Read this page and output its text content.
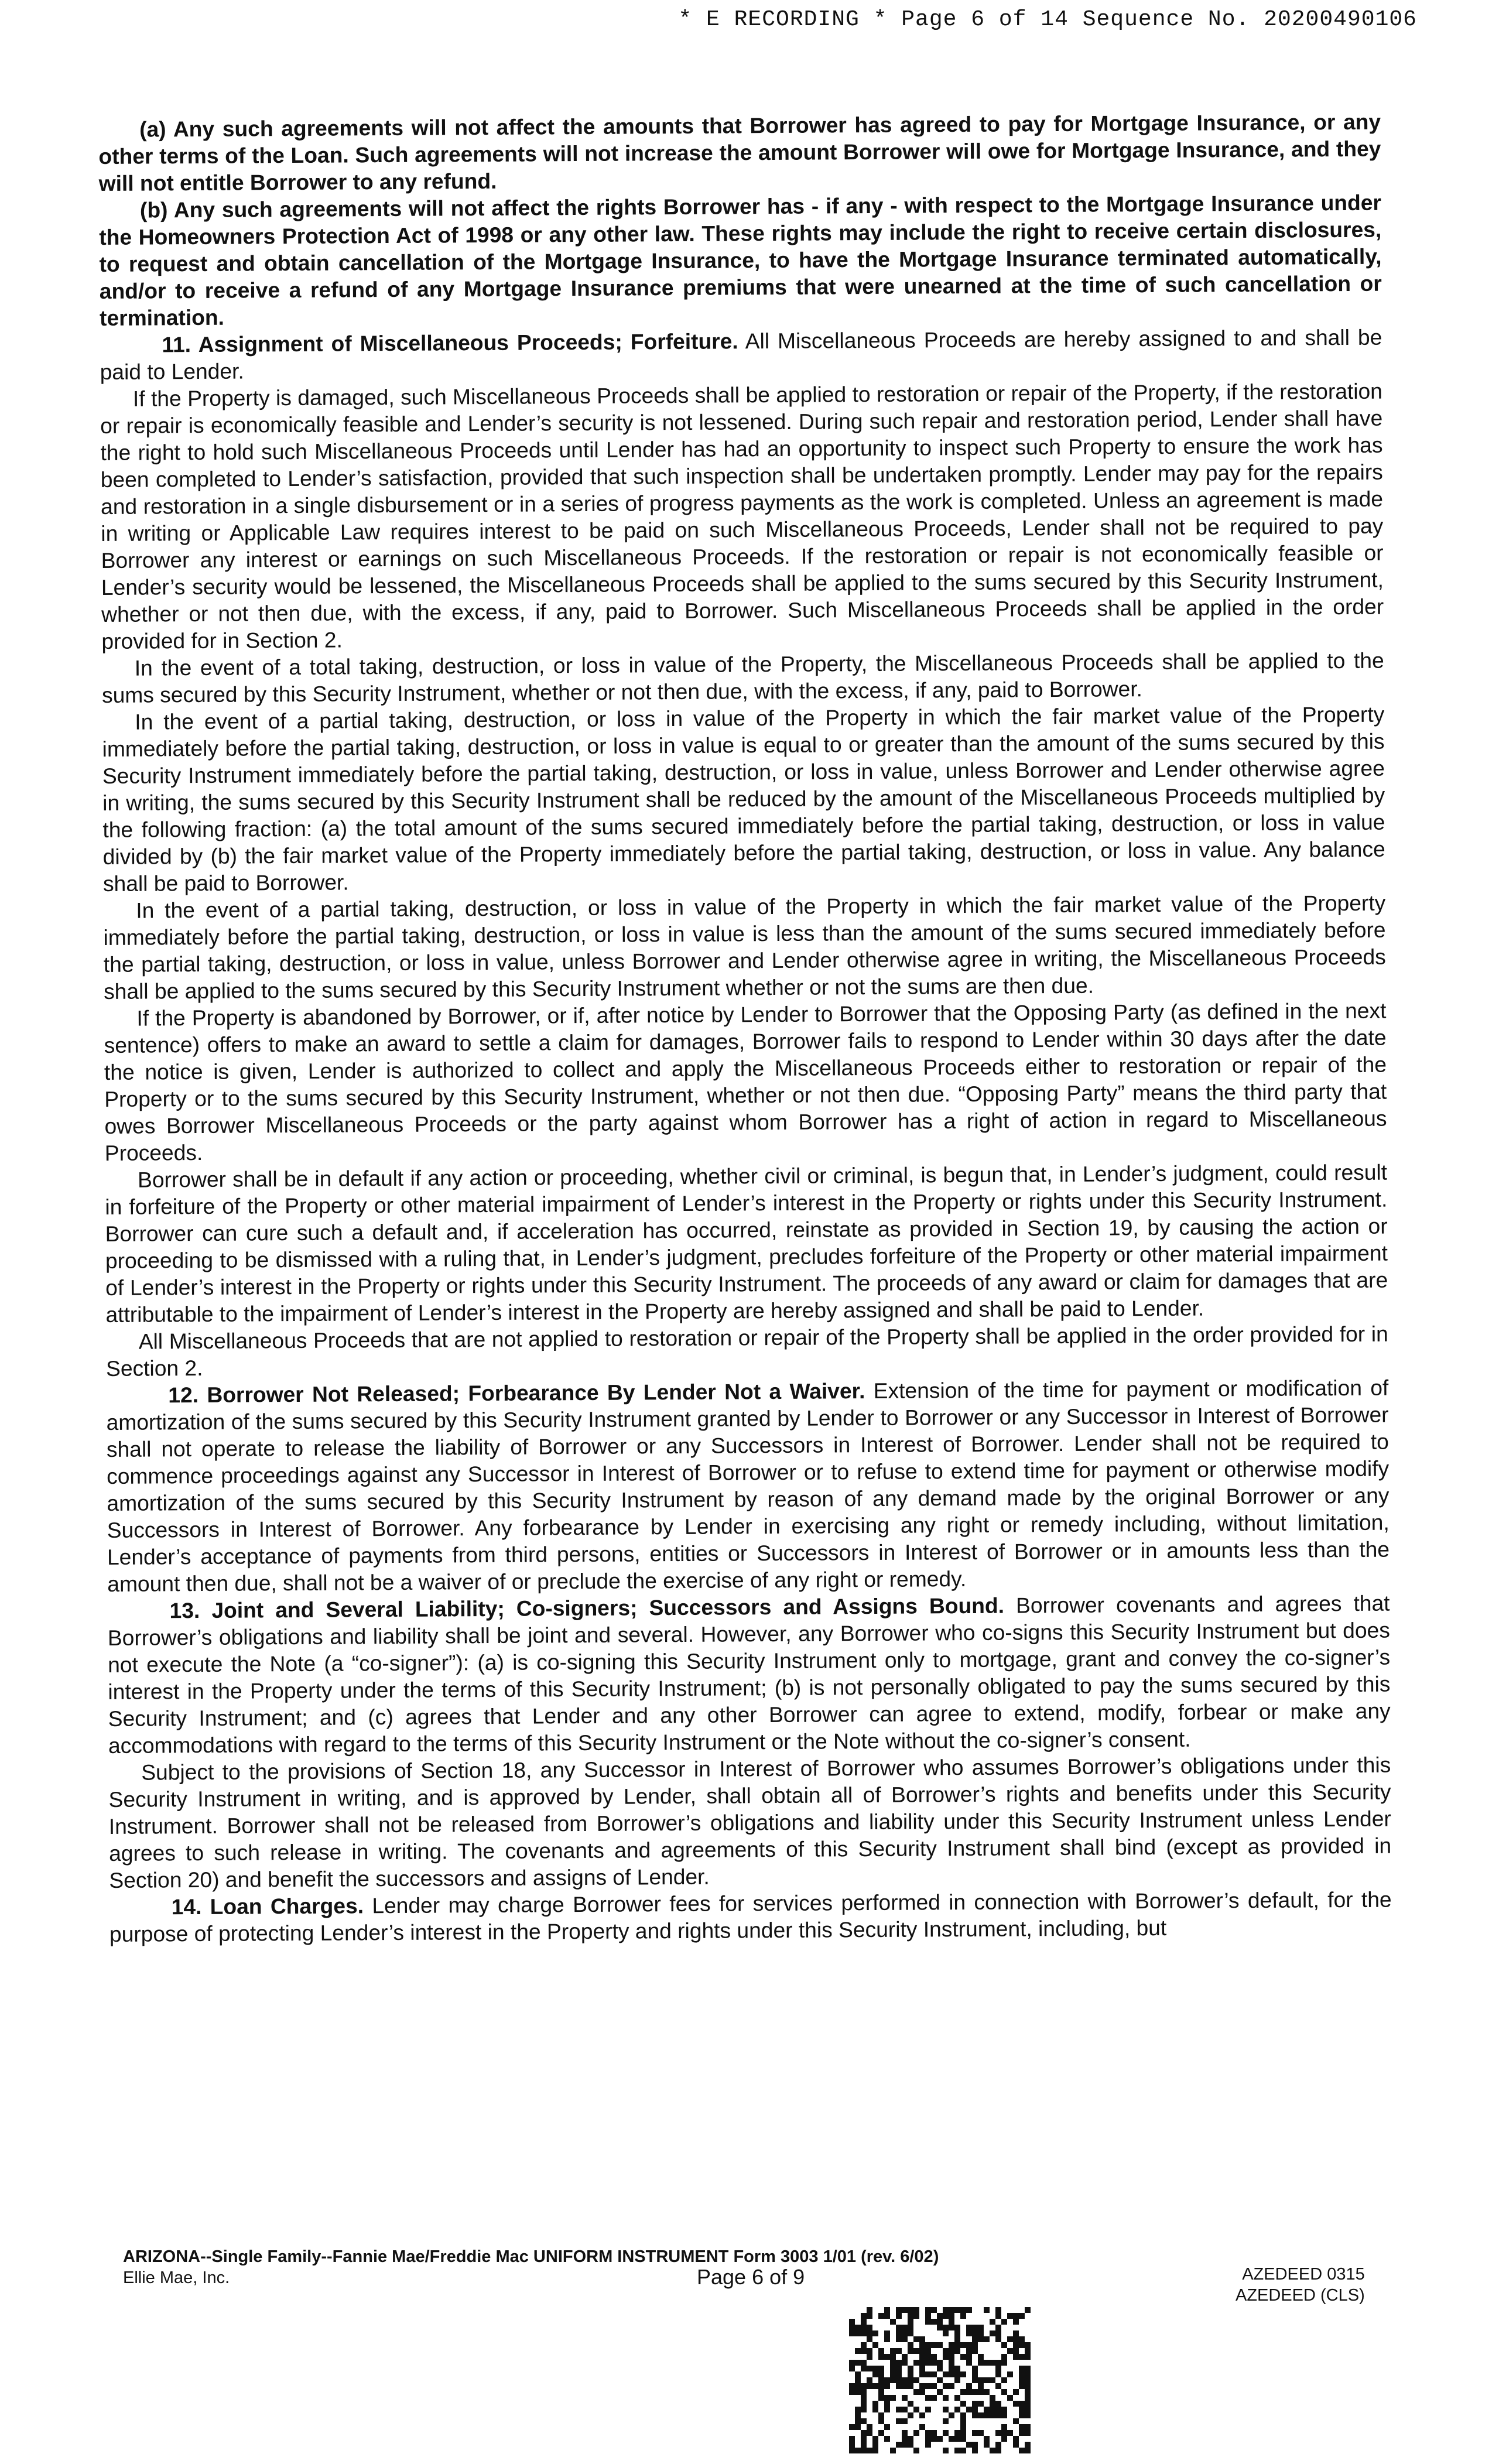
* E RECORDING * Page 6 of 14 Sequence No. 20200490106

(a) Any such agreements will not affect the amounts that Borrower has agreed to pay for Mortgage Insurance, or any other terms of the Loan. Such agreements will not increase the amount Borrower will owe for Mortgage Insurance, and they will not entitle Borrower to any refund.

(b) Any such agreements will not affect the rights Borrower has - if any - with respect to the Mortgage Insurance under the Homeowners Protection Act of 1998 or any other law. These rights may include the right to receive certain disclosures, to request and obtain cancellation of the Mortgage Insurance, to have the Mortgage Insurance terminated automatically, and/or to receive a refund of any Mortgage Insurance premiums that were unearned at the time of such cancellation or termination.

11. Assignment of Miscellaneous Proceeds; Forfeiture. All Miscellaneous Proceeds are hereby assigned to and shall be paid to Lender.

If the Property is damaged, such Miscellaneous Proceeds shall be applied to restoration or repair of the Property, if the restoration or repair is economically feasible and Lender’s security is not lessened. During such repair and restoration period, Lender shall have the right to hold such Miscellaneous Proceeds until Lender has had an opportunity to inspect such Property to ensure the work has been completed to Lender’s satisfaction, provided that such inspection shall be undertaken promptly. Lender may pay for the repairs and restoration in a single disbursement or in a series of progress payments as the work is completed. Unless an agreement is made in writing or Applicable Law requires interest to be paid on such Miscellaneous Proceeds, Lender shall not be required to pay Borrower any interest or earnings on such Miscellaneous Proceeds. If the restoration or repair is not economically feasible or Lender’s security would be lessened, the Miscellaneous Proceeds shall be applied to the sums secured by this Security Instrument, whether or not then due, with the excess, if any, paid to Borrower. Such Miscellaneous Proceeds shall be applied in the order provided for in Section 2.

In the event of a total taking, destruction, or loss in value of the Property, the Miscellaneous Proceeds shall be applied to the sums secured by this Security Instrument, whether or not then due, with the excess, if any, paid to Borrower.

In the event of a partial taking, destruction, or loss in value of the Property in which the fair market value of the Property immediately before the partial taking, destruction, or loss in value is equal to or greater than the amount of the sums secured by this Security Instrument immediately before the partial taking, destruction, or loss in value, unless Borrower and Lender otherwise agree in writing, the sums secured by this Security Instrument shall be reduced by the amount of the Miscellaneous Proceeds multiplied by the following fraction: (a) the total amount of the sums secured immediately before the partial taking, destruction, or loss in value divided by (b) the fair market value of the Property immediately before the partial taking, destruction, or loss in value. Any balance shall be paid to Borrower.

In the event of a partial taking, destruction, or loss in value of the Property in which the fair market value of the Property immediately before the partial taking, destruction, or loss in value is less than the amount of the sums secured immediately before the partial taking, destruction, or loss in value, unless Borrower and Lender otherwise agree in writing, the Miscellaneous Proceeds shall be applied to the sums secured by this Security Instrument whether or not the sums are then due.

If the Property is abandoned by Borrower, or if, after notice by Lender to Borrower that the Opposing Party (as defined in the next sentence) offers to make an award to settle a claim for damages, Borrower fails to respond to Lender within 30 days after the date the notice is given, Lender is authorized to collect and apply the Miscellaneous Proceeds either to restoration or repair of the Property or to the sums secured by this Security Instrument, whether or not then due. “Opposing Party” means the third party that owes Borrower Miscellaneous Proceeds or the party against whom Borrower has a right of action in regard to Miscellaneous Proceeds.

Borrower shall be in default if any action or proceeding, whether civil or criminal, is begun that, in Lender’s judgment, could result in forfeiture of the Property or other material impairment of Lender’s interest in the Property or rights under this Security Instrument. Borrower can cure such a default and, if acceleration has occurred, reinstate as provided in Section 19, by causing the action or proceeding to be dismissed with a ruling that, in Lender’s judgment, precludes forfeiture of the Property or other material impairment of Lender’s interest in the Property or rights under this Security Instrument. The proceeds of any award or claim for damages that are attributable to the impairment of Lender’s interest in the Property are hereby assigned and shall be paid to Lender.

All Miscellaneous Proceeds that are not applied to restoration or repair of the Property shall be applied in the order provided for in Section 2.

12. Borrower Not Released; Forbearance By Lender Not a Waiver. Extension of the time for payment or modification of amortization of the sums secured by this Security Instrument granted by Lender to Borrower or any Successor in Interest of Borrower shall not operate to release the liability of Borrower or any Successors in Interest of Borrower. Lender shall not be required to commence proceedings against any Successor in Interest of Borrower or to refuse to extend time for payment or otherwise modify amortization of the sums secured by this Security Instrument by reason of any demand made by the original Borrower or any Successors in Interest of Borrower. Any forbearance by Lender in exercising any right or remedy including, without limitation, Lender’s acceptance of payments from third persons, entities or Successors in Interest of Borrower or in amounts less than the amount then due, shall not be a waiver of or preclude the exercise of any right or remedy.

13. Joint and Several Liability; Co-signers; Successors and Assigns Bound. Borrower covenants and agrees that Borrower’s obligations and liability shall be joint and several. However, any Borrower who co-signs this Security Instrument but does not execute the Note (a “co-signer”): (a) is co-signing this Security Instrument only to mortgage, grant and convey the co-signer’s interest in the Property under the terms of this Security Instrument; (b) is not personally obligated to pay the sums secured by this Security Instrument; and (c) agrees that Lender and any other Borrower can agree to extend, modify, forbear or make any accommodations with regard to the terms of this Security Instrument or the Note without the co-signer’s consent.

Subject to the provisions of Section 18, any Successor in Interest of Borrower who assumes Borrower’s obligations under this Security Instrument in writing, and is approved by Lender, shall obtain all of Borrower’s rights and benefits under this Security Instrument. Borrower shall not be released from Borrower’s obligations and liability under this Security Instrument unless Lender agrees to such release in writing. The covenants and agreements of this Security Instrument shall bind (except as provided in Section 20) and benefit the successors and assigns of Lender.

14. Loan Charges. Lender may charge Borrower fees for services performed in connection with Borrower’s default, for the purpose of protecting Lender’s interest in the Property and rights under this Security Instrument, including, but

ARIZONA--Single Family--Fannie Mae/Freddie Mac UNIFORM INSTRUMENT Form 3003 1/01 (rev. 6/02)
Ellie Mae, Inc.	Page 6 of 9	AZEDEED 0315
AZEDEED (CLS)
